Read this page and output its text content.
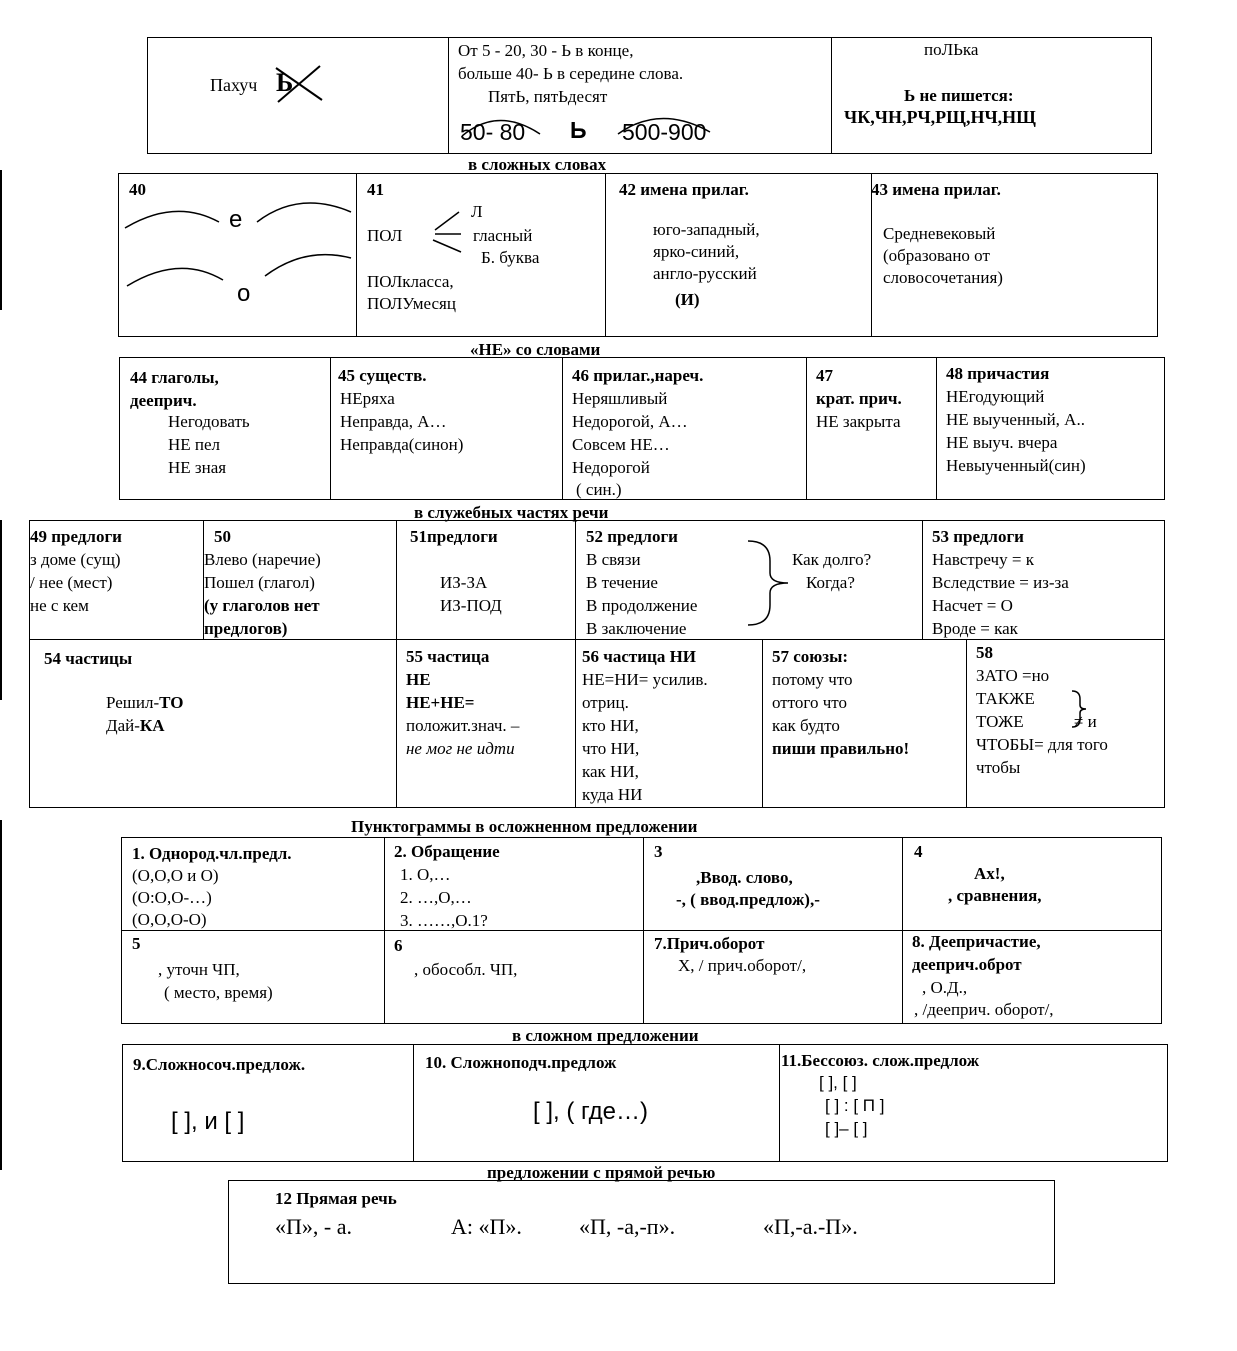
Пахуч Ь
От 5 - 20, 30 - Ь в конце,
больше 40- Ь в середине слова.
ПятЬ, пятЬдесят
50- 80 Ь 500-900
поЛЬка
Ь не пишется:
ЧК,ЧН,РЧ,РЩ,НЧ,НЩ
в сложных словах
40
е
о
41
Л
ПОЛ	гласный
Б. буква
ПОЛкласса,
ПОЛУмесяц
42 имена прилаг.
юго-западный,
ярко-синий,
англо-русский
(И)
43 имена прилаг.
Средневековый
(образовано от
словосочетания)
«НЕ» со словами
44 глаголы,
дееприч.
Негодовать
НЕ пел
НЕ зная
45 существ.
НЕряха
Неправда, А…
Неправда(синон)
46 прилаг.,нареч.
Неряшливый
Недорогой, А…
Совсем НЕ…
Недорогой
( син.)
47
крат. прич.
НЕ закрыта
48 причастия
НЕгодующий
НЕ выученный, А..
НЕ выуч. вчера
Невыученный(син)
в служебных частях речи
49 предлоги
з доме (сущ)
/ нее (мест)
не с кем
50
Влево (наречие)
Пошел (глагол)
(у глаголов нет
предлогов)
51предлоги
ИЗ-ЗА
ИЗ-ПОД
52 предлоги
В связи
В течение
В продолжение
В заключение
Как долго?
Когда?
53 предлоги
Навстречу = к
Вследствие = из-за
Насчет = О
Вроде = как
54 частицы
Решил-ТО
Дай-КА
55 частица
НЕ
НЕ+НЕ=
положит.знач. –
не мог не идти
56 частица НИ
НЕ=НИ= усилив.
отриц.
кто НИ,
что НИ,
как НИ,
куда НИ
57 союзы:
потому что
оттого что
как будто
пиши правильно!
58
ЗАТО =но
ТАКЖЕ
ТОЖЕ	≠ и
ЧТОБЫ= для того
чтобы
Пунктограммы в осложненном предложении
1. Однород.чл.предл.
(О,О,О и О)
(О:О,О-…)
(О,О,О-О)
2. Обращение
1. О,…
2. …,О,…
3. ……,О.1?
3
,Ввод. слово,
-, ( ввод.предлож),-
4
Ах!,
, сравнения,
5
, уточн ЧП,
( место, время)
6
, обособл. ЧП,
7.Прич.оборот
Х, / прич.оборот/,
8. Деепричастие,
дееприч.оброт
, О.Д.,
, /дееприч. оборот/,
в сложном предложении
9.Сложносоч.предлож.
[ ], и [ ]
10. Сложноподч.предлож
[ ], ( где…)
11.Бессоюз. слож.предлож
[ ], [ ]
[ ] : [ П ]
[ ]– [ ]
предложении с прямой речью
12 Прямая речь
«П», - а.	А: «П».	«П, -а,-п».	«П,-а.-П».
